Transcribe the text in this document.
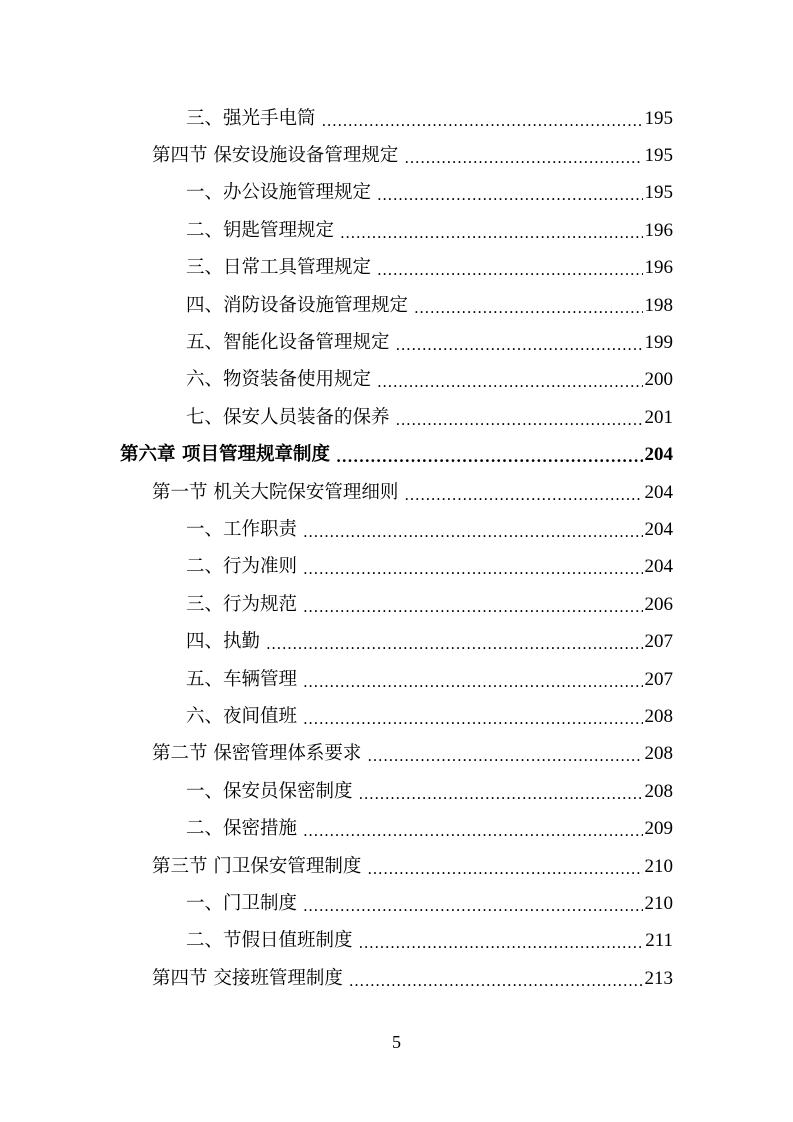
三、强光手电筒 .....	195
第四节 保安设施设备管理规定 .....	195
一、办公设施管理规定 .....	195
二、钥匙管理规定 .....	196
三、日常工具管理规定 .....	196
四、消防设备设施管理规定 .....	198
五、智能化设备管理规定 .....	199
六、物资装备使用规定 .....	200
七、保安人员装备的保养 .....	201
第六章 项目管理规章制度 .....	204
第一节 机关大院保安管理细则 .....	204
一、工作职责 .....	204
二、行为准则 .....	204
三、行为规范 .....	206
四、执勤 .....	207
五、车辆管理 .....	207
六、夜间值班 .....	208
第二节 保密管理体系要求 .....	208
一、保安员保密制度 .....	208
二、保密措施 .....	209
第三节 门卫保安管理制度 .....	210
一、门卫制度 .....	210
二、节假日值班制度 .....	211
第四节 交接班管理制度 .....	213
5
